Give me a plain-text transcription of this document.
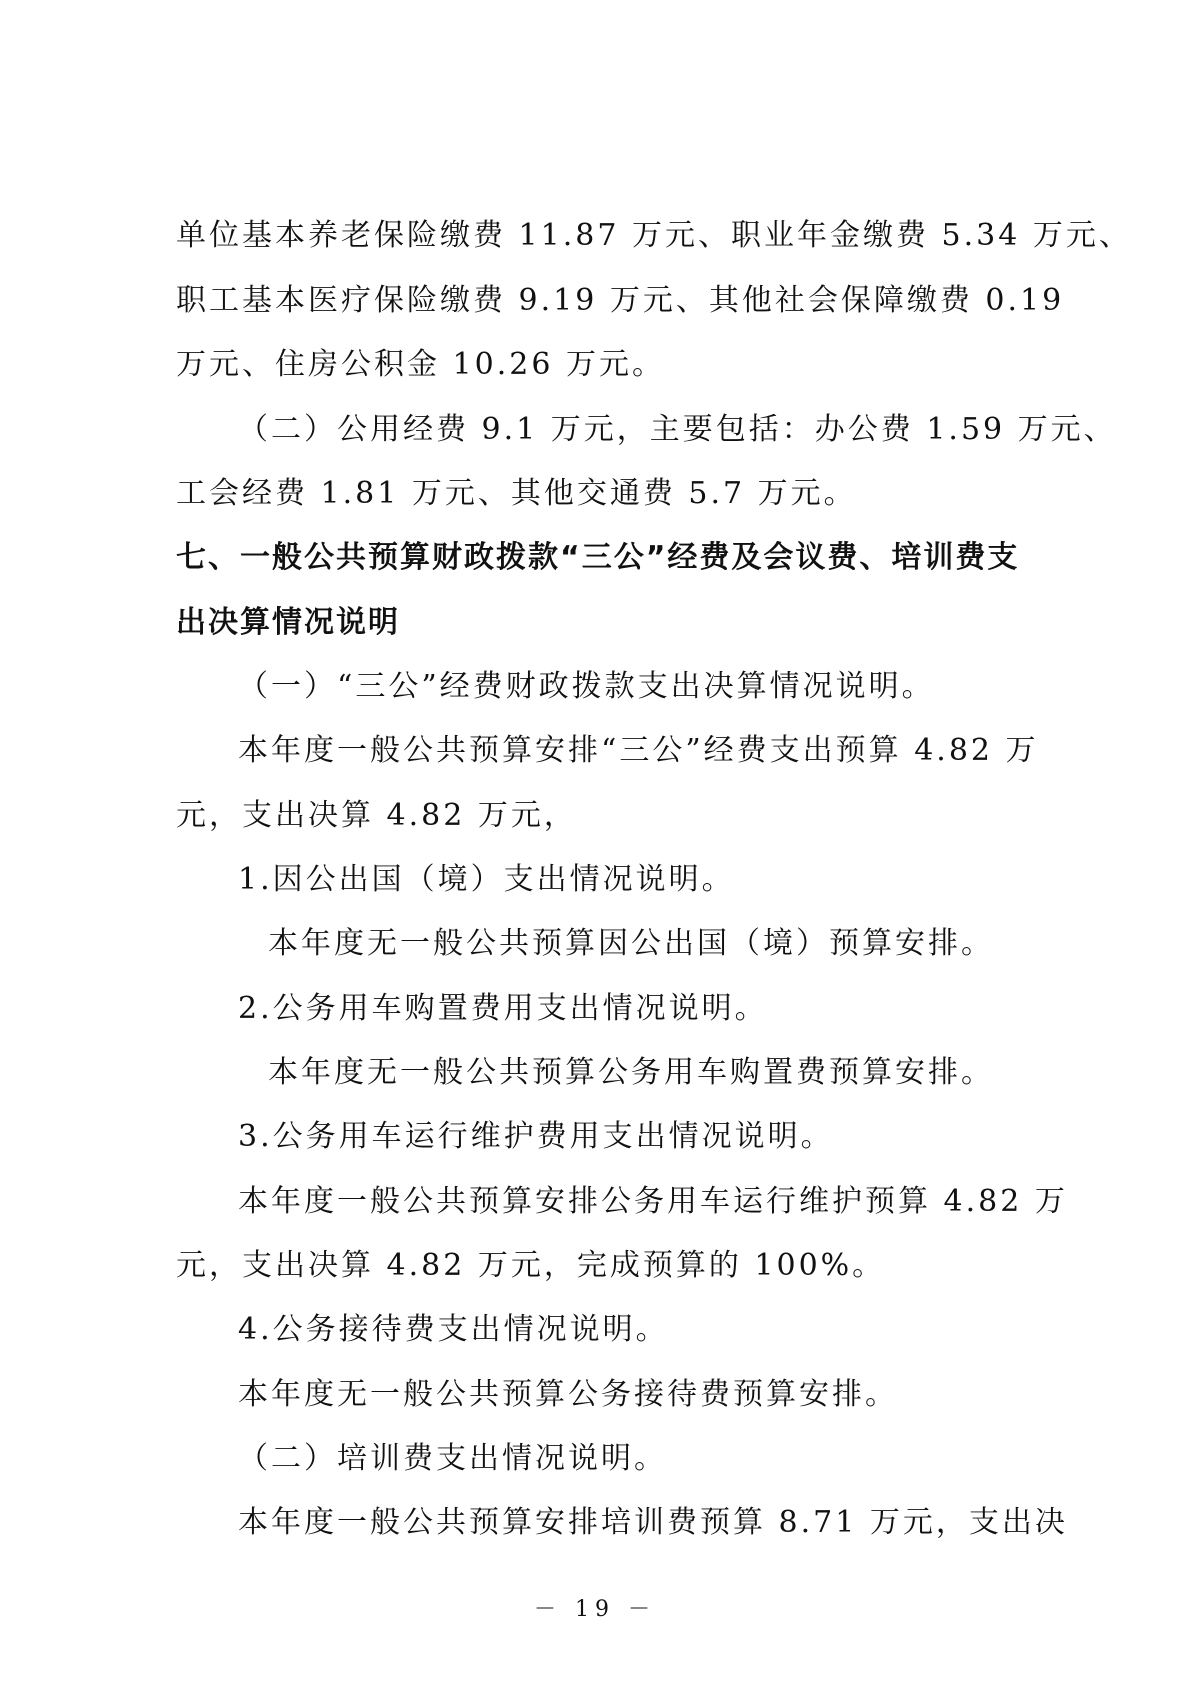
单位基本养老保险缴费 11.87 万元、职业年金缴费 5.34 万元、
职工基本医疗保险缴费 9.19 万元、其他社会保障缴费 0.19
万元、住房公积金 10.26 万元。
（二）公用经费 9.1 万元，主要包括：办公费 1.59 万元、
工会经费 1.81 万元、其他交通费 5.7 万元。
七、一般公共预算财政拨款“三公”经费及会议费、培训费支
出决算情况说明
（一）“三公”经费财政拨款支出决算情况说明。
本年度一般公共预算安排“三公”经费支出预算 4.82 万
元，支出决算 4.82 万元，
1.因公出国（境）支出情况说明。
本年度无一般公共预算因公出国（境）预算安排。
2.公务用车购置费用支出情况说明。
本年度无一般公共预算公务用车购置费预算安排。
3.公务用车运行维护费用支出情况说明。
本年度一般公共预算安排公务用车运行维护预算 4.82 万
元，支出决算 4.82 万元，完成预算的 100%。
4.公务接待费支出情况说明。
本年度无一般公共预算公务接待费预算安排。
（二）培训费支出情况说明。
本年度一般公共预算安排培训费预算 8.71 万元，支出决
－ 19 －
